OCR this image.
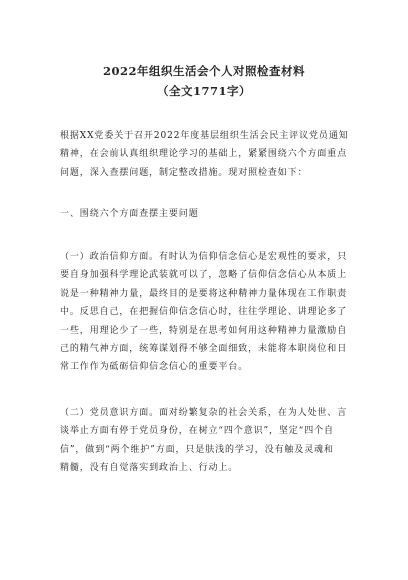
2022年组织生活会个人对照检查材料
（全文1771字）
根据XX党委关于召开2022年度基层组织生活会民主评议党员通知
精神，在会前认真组织理论学习的基础上，紧紧围绕六个方面重点
问题，深入查摆问题，制定整改措施。现对照检查如下：
一、围绕六个方面查摆主要问题
（一）政治信仰方面。有时认为信仰信念信心是宏观性的要求，只
要自身加强科学理论武装就可以了，忽略了信仰信念信心从本质上
说是一种精神力量，最终目的是要将这种精神力量体现在工作职责
中。反思自己，在把握信仰信念信心时，往往学理论、讲理论多了
一些，用理论少了一些，特别是在思考如何用这种精神力量激励自
己的精气神方面，统筹谋划得不够全面细致，未能将本职岗位和日
常工作作为砥砺信仰信念信心的重要平台。
（二）党员意识方面。面对纷繁复杂的社会关系，在为人处世、言
谈举止方面有停于党员身份，在树立“四个意识”，坚定“四个自
信”，做到“两个维护”方面，只是肤浅的学习，没有触及灵魂和
精髓，没有自觉落实到政治上、行动上。
